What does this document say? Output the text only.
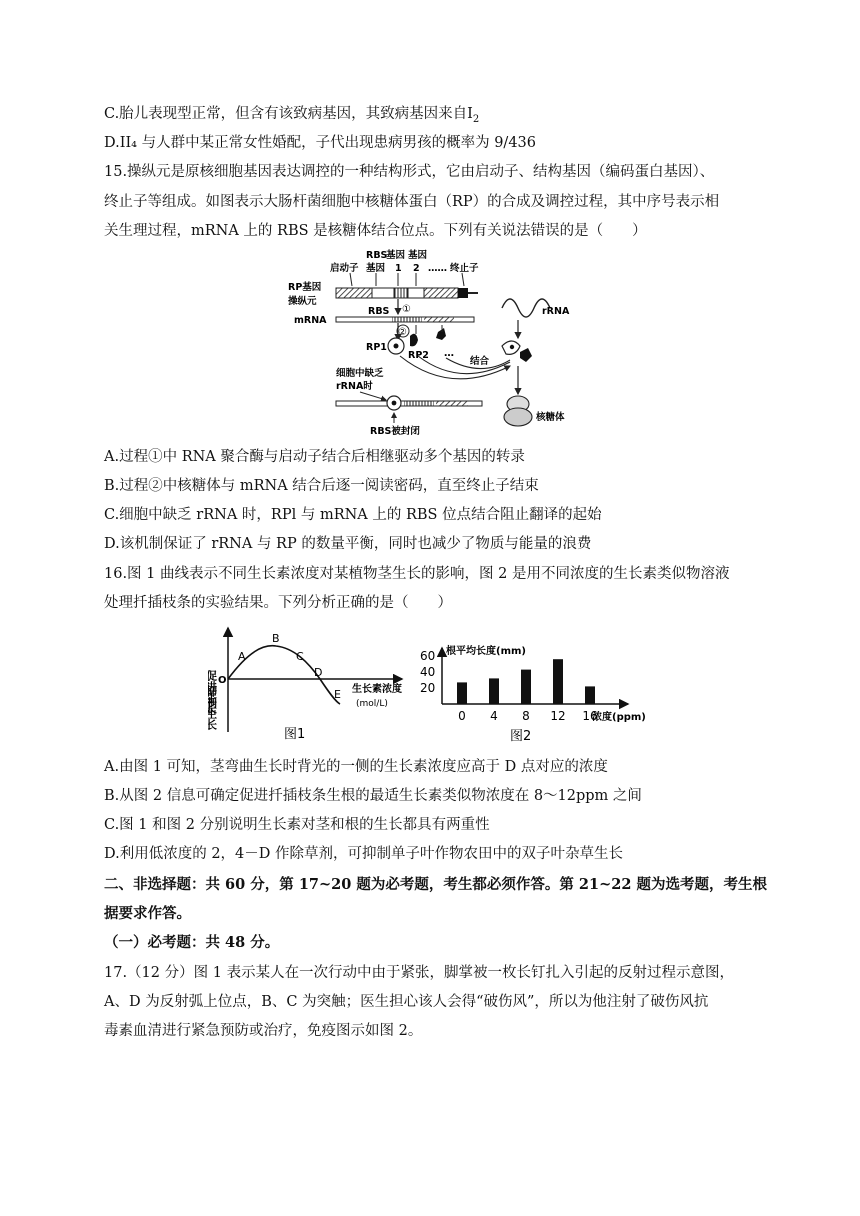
C.胎儿表现型正常，但含有该致病基因，其致病基因来自$I_2$
D.II₄ 与人群中某正常女性婚配，子代出现患病男孩的概率为 9/436
15.操纵元是原核细胞基因表达调控的一种结构形式，它由启动子、结构基因（编码蛋白基因）、
终止子等组成。如图表示大肠杆菌细胞中核糖体蛋白（RP）的合成及调控过程，其中序号表示相
关生理过程，mRNA 上的 RBS 是核糖体结合位点。下列有关说法错误的是（　　）
RBS
基因 基因
启动子 基因 1 2 …… 终止子
RP基因
操纵元
①
mRNA
RBS
②
RP1
RP2 …
结合
rRNA
核糖体
细胞中缺乏
rRNA时
RBS被封闭
A.过程①中 RNA 聚合酶与启动子结合后相继驱动多个基因的转录
B.过程②中核糖体与 mRNA 结合后逐一阅读密码，直至终止子结束
C.细胞中缺乏 rRNA 时，RPl 与 mRNA 上的 RBS 位点结合阻止翻译的起始
D.该机制保证了 rRNA 与 RP 的数量平衡，同时也减少了物质与能量的浪费
16.图 1 曲线表示不同生长素浓度对某植物茎生长的影响，图 2 是用不同浓度的生长素类似物溶液
处理扦插枝条的实验结果。下列分析正确的是（　　）
促进生长 O
抑制生长
A
B
C
D
E 生长素浓度
(mol/L)
图1
根平均长度(mm)
浓度(ppm)
图2
20
40
60
0 4 8 12 16
A.由图 1 可知，茎弯曲生长时背光的一侧的生长素浓度应高于 D 点对应的浓度
B.从图 2 信息可确定促进扦插枝条生根的最适生长素类似物浓度在 8～12ppm 之间
C.图 1 和图 2 分别说明生长素对茎和根的生长都具有两重性
D.利用低浓度的 2，4－D 作除草剂，可抑制单子叶作物农田中的双子叶杂草生长
二、非选择题：共 60 分，第 17~20 题为必考题，考生都必须作答。第 21~22 题为选考题，考生根
据要求作答。
（一）必考题：共 48 分。
17.（12 分）图 1 表示某人在一次行动中由于紧张，脚掌被一枚长钉扎入引起的反射过程示意图，
A、D 为反射弧上位点，B、C 为突触；医生担心该人会得“破伤风”，所以为他注射了破伤风抗
毒素血清进行紧急预防或治疗，免疫图示如图 2。
